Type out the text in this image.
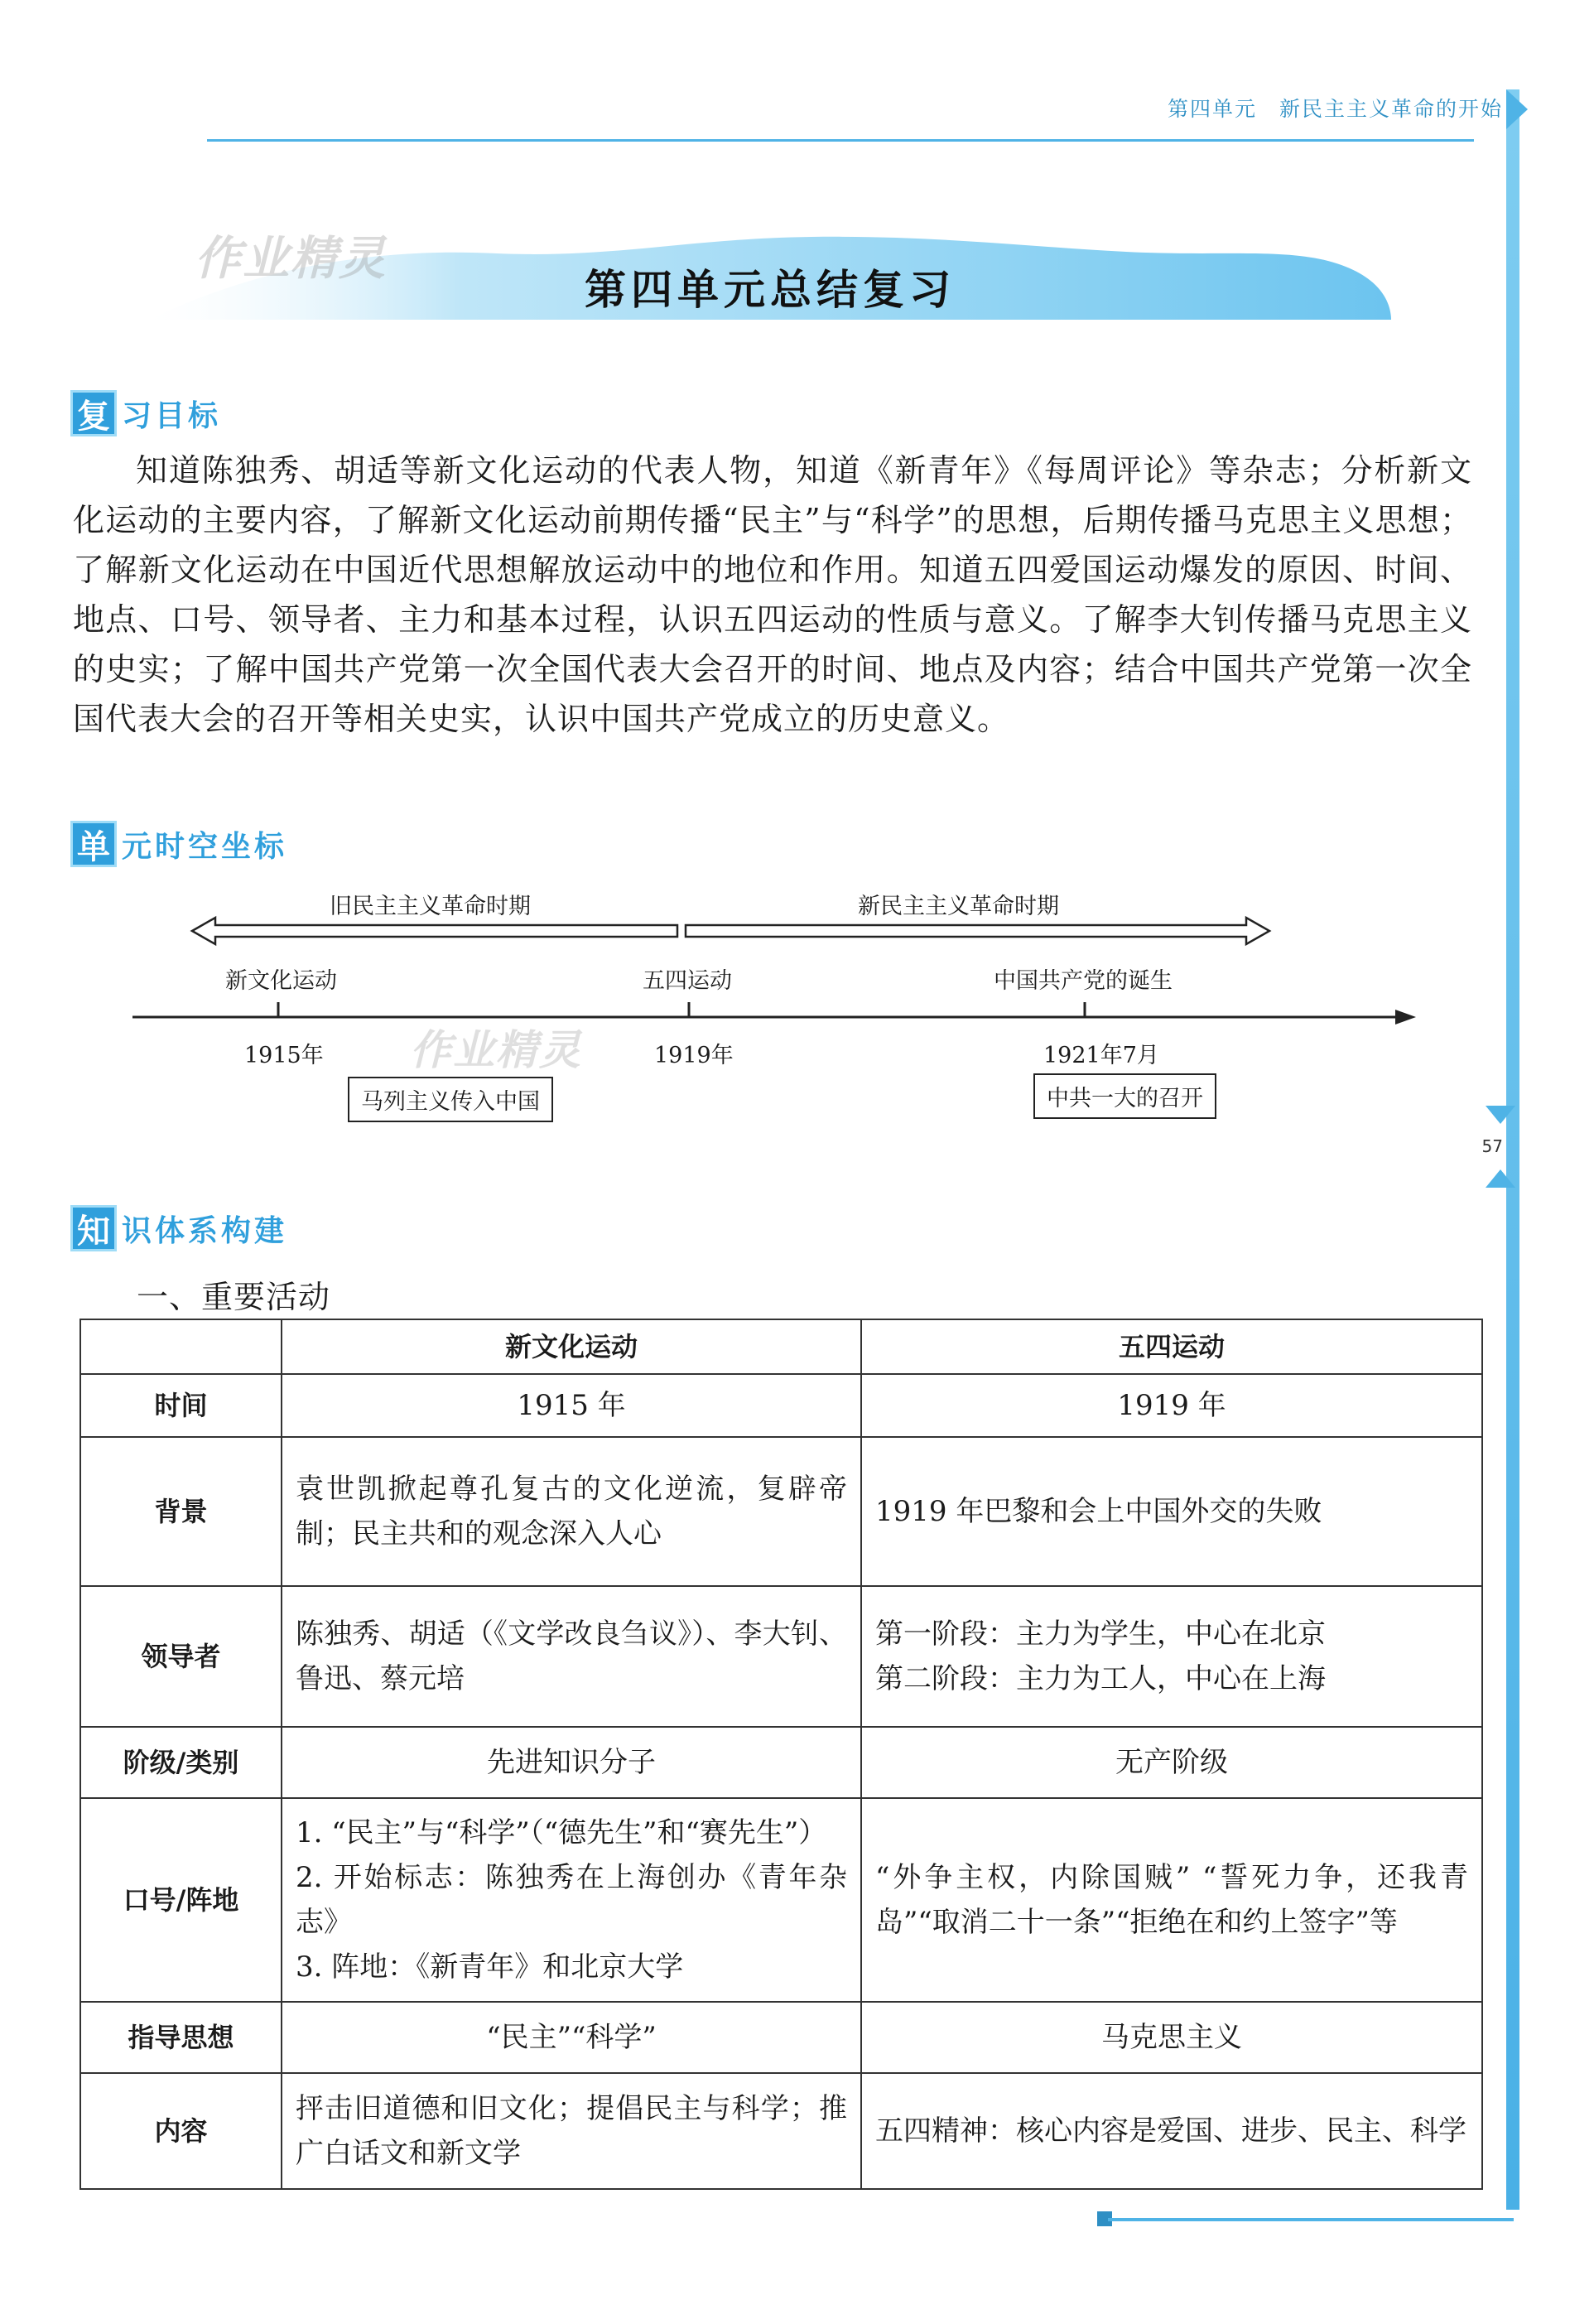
第四单元　新民主主义革命的开始
57
第四单元总结复习
作业精灵
复 习目标
知道陈独秀、胡适等新文化运动的代表人物，知道《新青年》《每周评论》等杂志；分析新文化运动的主要内容，了解新文化运动前期传播“民主”与“科学”的思想，后期传播马克思主义思想；了解新文化运动在中国近代思想解放运动中的地位和作用。知道五四爱国运动爆发的原因、时间、地点、口号、领导者、主力和基本过程，认识五四运动的性质与意义。了解李大钊传播马克思主义的史实；了解中国共产党第一次全国代表大会召开的时间、地点及内容；结合中国共产党第一次全国代表大会的召开等相关史实，认识中国共产党成立的历史意义。
单 元时空坐标
旧民主主义革命时期	新民主主义革命时期
新文化运动	五四运动	中国共产党的诞生
1915年	1919年	1921年7月
马列主义传入中国	中共一大的召开
作业精灵
知 识体系构建
一、重要活动
	新文化运动	五四运动
时间	1915 年	1919 年
背景	袁世凯掀起尊孔复古的文化逆流，复辟帝制；民主共和的观念深入人心	1919 年巴黎和会上中国外交的失败
领导者	陈独秀、胡适（《文学改良刍议》）、李大钊、鲁迅、蔡元培	第一阶段：主力为学生，中心在北京
第二阶段：主力为工人，中心在上海

阶级/类别	先进知识分子	无产阶级
口号/阵地	1. “民主”与“科学”（“德先生”和“赛先生”）
2. 开始标志：陈独秀在上海创办《青年杂志》
3. 阵地：《新青年》和北京大学	“外争主权，内除国贼” “誓死力争，还我青岛”“取消二十一条”“拒绝在和约上签字”等
指导思想	“民主”“科学”	马克思主义
内容	抨击旧道德和旧文化；提倡民主与科学；推广白话文和新文学	五四精神：核心内容是爱国、进步、民主、科学
